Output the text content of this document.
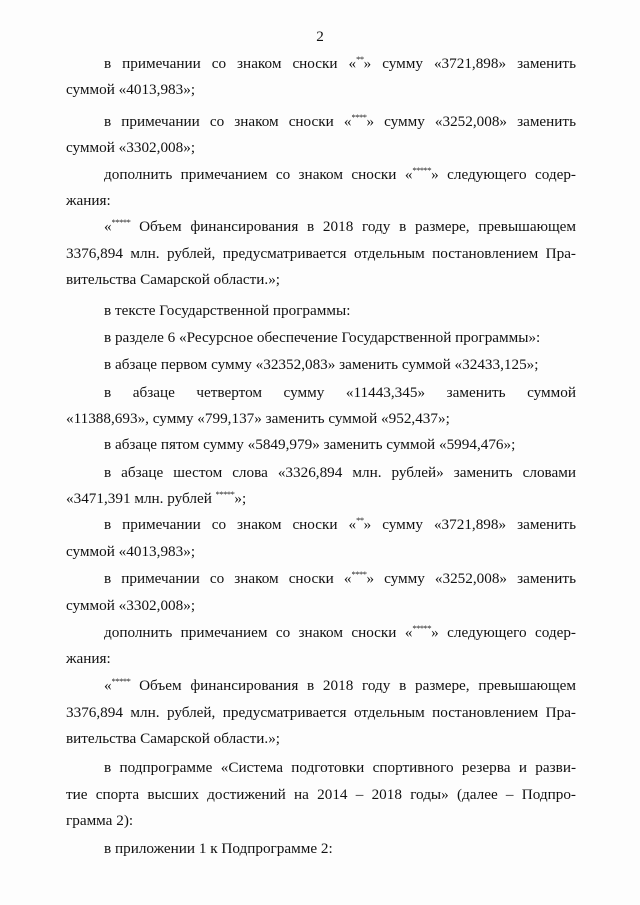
2

в примечании со знаком сноски «**» сумму «3721,898» заменить

суммой «4013,983»;

в примечании со знаком сноски «****» сумму «3252,008» заменить

суммой «3302,008»;

дополнить примечанием со знаком сноски «*****» следующего содер-

жания:

«***** Объем финансирования в 2018 году в размере, превышающем

3376,894 млн. рублей, предусматривается отдельным постановлением Пра-

вительства Самарской области.»;

в тексте Государственной программы:

в разделе 6 «Ресурсное обеспечение Государственной программы»:

в абзаце первом сумму «32352,083» заменить суммой «32433,125»;

в абзаце четвертом сумму «11443,345» заменить суммой

«11388,693», сумму «799,137» заменить суммой «952,437»;

в абзаце пятом сумму «5849,979» заменить суммой «5994,476»;

в абзаце шестом слова «3326,894 млн. рублей» заменить словами

«3471,391 млн. рублей *****»;

в примечании со знаком сноски «**» сумму «3721,898» заменить

суммой «4013,983»;

в примечании со знаком сноски «****» сумму «3252,008» заменить

суммой «3302,008»;

дополнить примечанием со знаком сноски «*****» следующего содер-

жания:

«***** Объем финансирования в 2018 году в размере, превышающем

3376,894 млн. рублей, предусматривается отдельным постановлением Пра-

вительства Самарской области.»;

в подпрограмме «Система подготовки спортивного резерва и разви-

тие спорта высших достижений на 2014 – 2018 годы» (далее – Подпро-

грамма 2):

в приложении 1 к Подпрограмме 2:
